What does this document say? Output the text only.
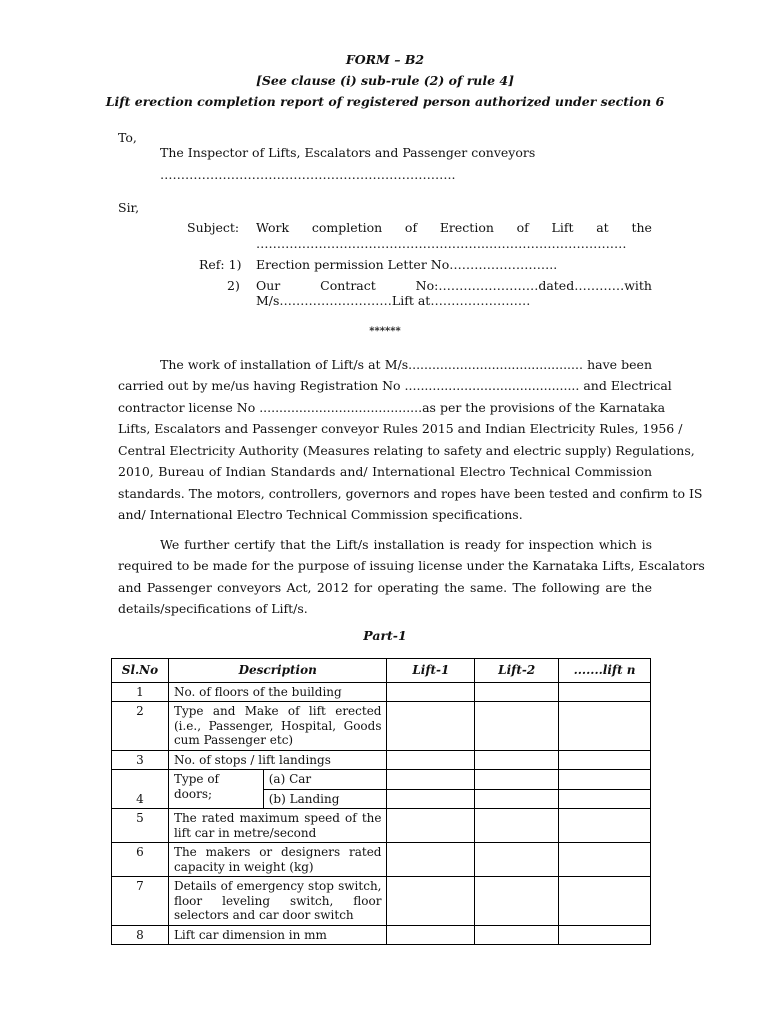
FORM – B2
[See clause (i) sub-rule (2) of rule 4]
Lift erection completion report of registered person authorized under section 6
To,
The Inspector of Lifts, Escalators and Passenger conveyors
……………………………………………………………..
Sir,
Subject: Work completion of Erection of Lift at the
………………………………………………..……………………………
Ref: 1) Erection permission Letter No……………………..
2) Our	Contract	No:……………………dated…………with
M/s………………………Lift at……………………
******
The work of installation of Lift/s at M/s............................................ have been
carried out by me/us having Registration No ............................................ and Electrical
contractor license No .........................................as per the provisions of the Karnataka
Lifts, Escalators and Passenger conveyor Rules 2015 and Indian Electricity Rules, 1956 /
Central Electricity Authority (Measures relating to safety and electric supply) Regulations,
2010, Bureau of Indian Standards and/ International Electro Technical Commission
standards. The motors, controllers, governors and ropes have been tested and confirm to IS
and/ International Electro Technical Commission specifications.
We further certify that the Lift/s installation is ready for inspection which is
required to be made for the purpose of issuing license under the Karnataka Lifts, Escalators
and Passenger conveyors Act, 2012 for operating the same. The following are the
details/specifications of Lift/s.
Part-1
Sl.No	Description		Lift-1	Lift-2	.......lift n
1	No. of floors of the building				
2	Type and Make of lift erected (i.e., Passenger, Hospital, Goods cum Passenger etc)				
3	No. of stops / lift landings				
4	Type of doors;	(a) Car			
		(b) Landing			
5	The rated maximum speed of the lift car in metre/second				
6	The makers or designers rated capacity in weight (kg)				
7	Details of emergency stop switch, floor leveling switch, floor selectors and car door switch				
8	Lift car dimension in mm				
